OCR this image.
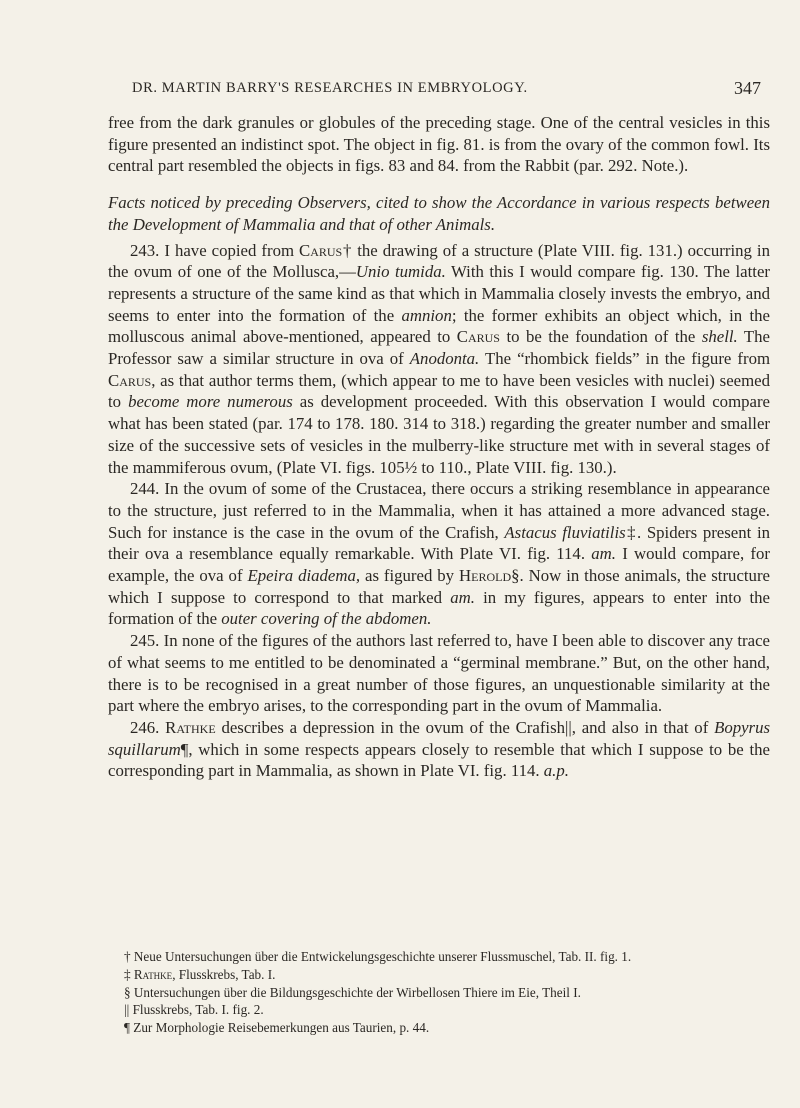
DR. MARTIN BARRY'S RESEARCHES IN EMBRYOLOGY.	347

free from the dark granules or globules of the preceding stage. One of the central vesicles in this figure presented an indistinct spot. The object in fig. 81. is from the ovary of the common fowl. Its central part resembled the objects in figs. 83 and 84. from the Rabbit (par. 292. Note.).

Facts noticed by preceding Observers, cited to show the Accordance in various respects between the Development of Mammalia and that of other Animals.

243. I have copied from Carus† the drawing of a structure (Plate VIII. fig. 131.) occurring in the ovum of one of the Mollusca,—Unio tumida. With this I would compare fig. 130. The latter represents a structure of the same kind as that which in Mammalia closely invests the embryo, and seems to enter into the formation of the amnion; the former exhibits an object which, in the molluscous animal above-mentioned, appeared to Carus to be the foundation of the shell. The Professor saw a similar structure in ova of Anodonta. The “rhombick fields” in the figure from Carus, as that author terms them, (which appear to me to have been vesicles with nuclei) seemed to become more numerous as development proceeded. With this observation I would compare what has been stated (par. 174 to 178. 180. 314 to 318.) regarding the greater number and smaller size of the successive sets of vesicles in the mulberry-like structure met with in several stages of the mammiferous ovum, (Plate VI. figs. 105½ to 110., Plate VIII. fig. 130.).

244. In the ovum of some of the Crustacea, there occurs a striking resemblance in appearance to the structure, just referred to in the Mammalia, when it has attained a more advanced stage. Such for instance is the case in the ovum of the Crafish, Astacus fluviatilis‡. Spiders present in their ova a resemblance equally remarkable. With Plate VI. fig. 114. am. I would compare, for example, the ova of Epeira diadema, as figured by Herold§. Now in those animals, the structure which I suppose to correspond to that marked am. in my figures, appears to enter into the formation of the outer covering of the abdomen.

245. In none of the figures of the authors last referred to, have I been able to discover any trace of what seems to me entitled to be denominated a “germinal membrane.” But, on the other hand, there is to be recognised in a great number of those figures, an unquestionable similarity at the part where the embryo arises, to the corresponding part in the ovum of Mammalia.

246. Rathke describes a depression in the ovum of the Crafish||, and also in that of Bopyrus squillarum¶, which in some respects appears closely to resemble that which I suppose to be the corresponding part in Mammalia, as shown in Plate VI. fig. 114. a.p.

† Neue Untersuchungen über die Entwickelungsgeschichte unserer Flussmuschel, Tab. II. fig. 1.
‡ Rathke, Flusskrebs, Tab. I.
§ Untersuchungen über die Bildungsgeschichte der Wirbellosen Thiere im Eie, Theil I.
|| Flusskrebs, Tab. I. fig. 2.
¶ Zur Morphologie Reisebemerkungen aus Taurien, p. 44.
